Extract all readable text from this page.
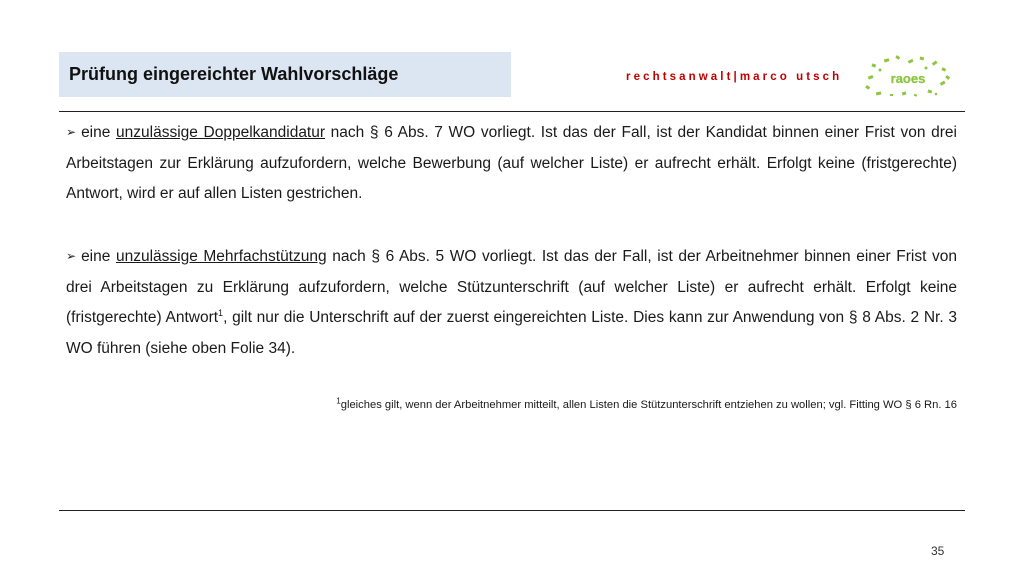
Prüfung eingereichter Wahlvorschläge	rechtsanwalt|marco utsch	raoes
➢ eine unzulässige Doppelkandidatur nach § 6 Abs. 7 WO vorliegt. Ist das der Fall, ist der Kandidat binnen einer Frist von drei Arbeitstagen zur Erklärung aufzufordern, welche Bewerbung (auf welcher Liste) er aufrecht erhält. Erfolgt keine (fristgerechte) Antwort, wird er auf allen Listen gestrichen.
➢ eine unzulässige Mehrfachstützung nach § 6 Abs. 5 WO vorliegt. Ist das der Fall, ist der Arbeitnehmer binnen einer Frist von drei Arbeitstagen zu Erklärung aufzufordern, welche Stützunterschrift (auf welcher Liste) er aufrecht erhält. Erfolgt keine (fristgerechte) Antwort$^1$, gilt nur die Unterschrift auf der zuerst eingereichten Liste. Dies kann zur Anwendung von § 8 Abs. 2 Nr. 3 WO führen (siehe oben Folie 34).
$^1$gleiches gilt, wenn der Arbeitnehmer mitteilt, allen Listen die Stützunterschrift entziehen zu wollen; vgl. Fitting WO § 6 Rn. 16
35
